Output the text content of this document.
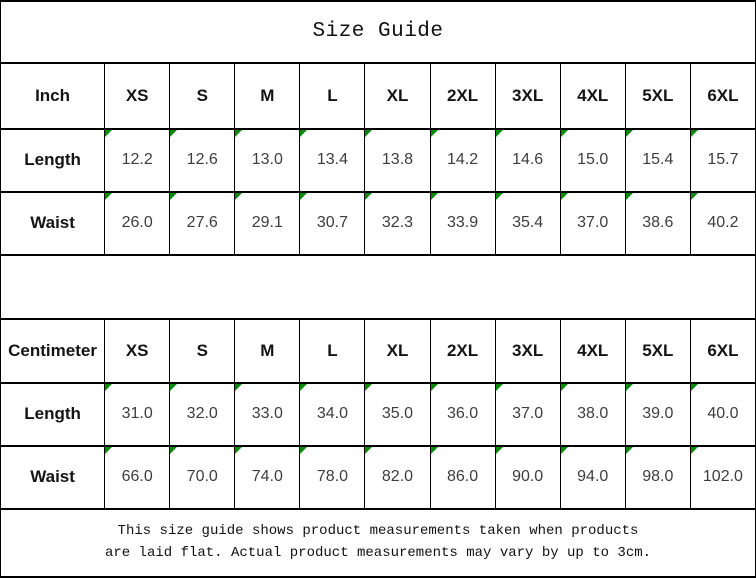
Size Guide										
Inch	XS	S	M	L	XL	2XL	3XL	4XL	5XL	6XL
Length	12.2	12.6	13.0	13.4	13.8	14.2	14.6	15.0	15.4	15.7
Waist	26.0	27.6	29.1	30.7	32.3	33.9	35.4	37.0	38.6	40.2

Centimeter	XS	S	M	L	XL	2XL	3XL	4XL	5XL	6XL
Length	31.0	32.0	33.0	34.0	35.0	36.0	37.0	38.0	39.0	40.0
Waist	66.0	70.0	74.0	78.0	82.0	86.0	90.0	94.0	98.0	102.0

This size guide shows product measurements taken when products
are laid flat. Actual product measurements may vary by up to 3cm.										
